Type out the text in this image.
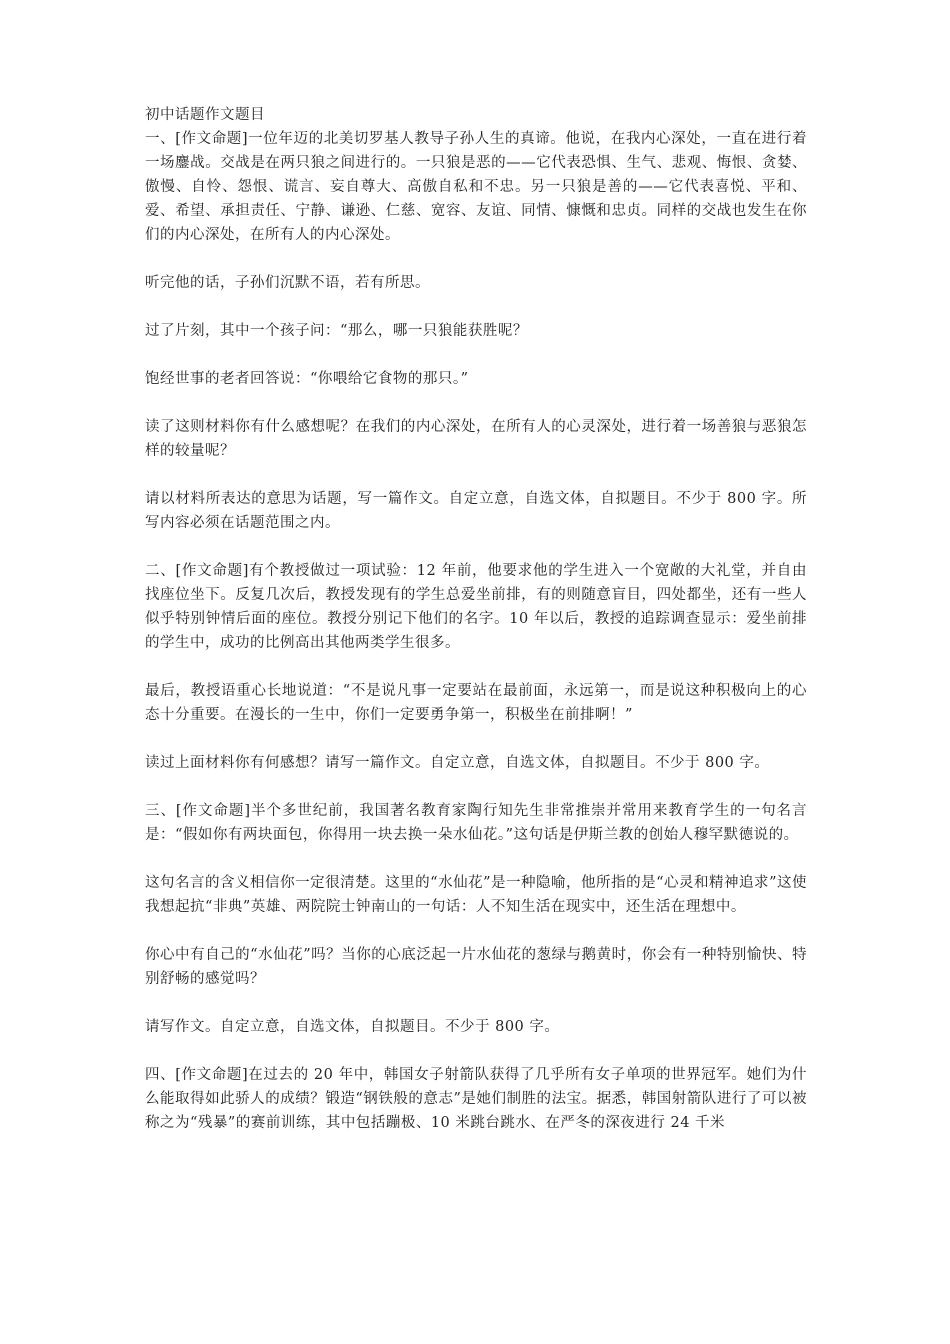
初中话题作文题目

一、[作文命题]一位年迈的北美切罗基人教导子孙人生的真谛。他说，在我内心深处，一直在进行着一场鏖战。交战是在两只狼之间进行的。一只狼是恶的——它代表恐惧、生气、悲观、悔恨、贪婪、傲慢、自怜、怨恨、谎言、妄自尊大、高傲自私和不忠。另一只狼是善的——它代表喜悦、平和、爱、希望、承担责任、宁静、谦逊、仁慈、宽容、友谊、同情、慷慨和忠贞。同样的交战也发生在你们的内心深处，在所有人的内心深处。

听完他的话，子孙们沉默不语，若有所思。

过了片刻，其中一个孩子问：“那么，哪一只狼能获胜呢？

饱经世事的老者回答说：“你喂给它食物的那只。”

读了这则材料你有什么感想呢？在我们的内心深处，在所有人的心灵深处，进行着一场善狼与恶狼怎样的较量呢？

请以材料所表达的意思为话题，写一篇作文。自定立意，自选文体，自拟题目。不少于 800 字。所写内容必须在话题范围之内。

二、[作文命题]有个教授做过一项试验：12 年前，他要求他的学生进入一个宽敞的大礼堂，并自由找座位坐下。反复几次后，教授发现有的学生总爱坐前排，有的则随意盲目，四处都坐，还有一些人似乎特别钟情后面的座位。教授分别记下他们的名字。10 年以后，教授的追踪调查显示：爱坐前排的学生中，成功的比例高出其他两类学生很多。

最后，教授语重心长地说道：“不是说凡事一定要站在最前面，永远第一，而是说这种积极向上的心态十分重要。在漫长的一生中，你们一定要勇争第一，积极坐在前排啊！”

读过上面材料你有何感想？请写一篇作文。自定立意，自选文体，自拟题目。不少于 800 字。

三、[作文命题]半个多世纪前，我国著名教育家陶行知先生非常推崇并常用来教育学生的一句名言是：“假如你有两块面包，你得用一块去换一朵水仙花。”这句话是伊斯兰教的创始人穆罕默德说的。

这句名言的含义相信你一定很清楚。这里的“水仙花”是一种隐喻，他所指的是“心灵和精神追求”这使我想起抗“非典”英雄、两院院士钟南山的一句话：人不知生活在现实中，还生活在理想中。

你心中有自己的“水仙花”吗？当你的心底泛起一片水仙花的葱绿与鹅黄时，你会有一种特别愉快、特别舒畅的感觉吗？

请写作文。自定立意，自选文体，自拟题目。不少于 800 字。

四、[作文命题]在过去的 20 年中，韩国女子射箭队获得了几乎所有女子单项的世界冠军。她们为什么能取得如此骄人的成绩？锻造“钢铁般的意志”是她们制胜的法宝。据悉，韩国射箭队进行了可以被称之为“残暴”的赛前训练，其中包括蹦极、10 米跳台跳水、在严冬的深夜进行 24 千米
